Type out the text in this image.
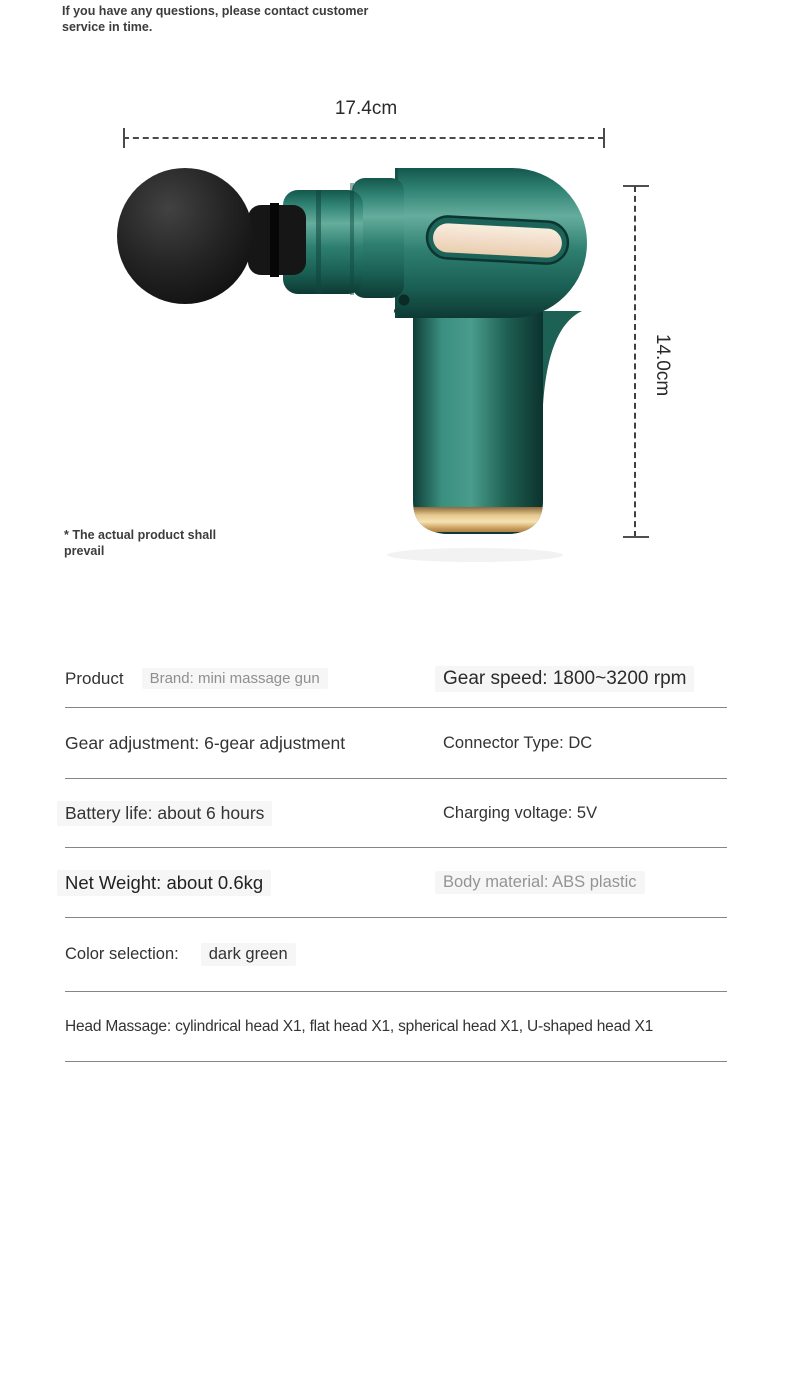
If you have any questions, please contact customer service in time.
17.4cm
14.0cm
* The actual product shall prevail
Product	Brand: mini massage gun	Gear speed: 1800~3200 rpm
Gear adjustment: 6-gear adjustment	Connector Type: DC
Battery life: about 6 hours	Charging voltage: 5V
Net Weight: about 0.6kg	Body material: ABS plastic
Color selection:	dark green
Head Massage: cylindrical head X1, flat head X1, spherical head X1, U-shaped head X1
